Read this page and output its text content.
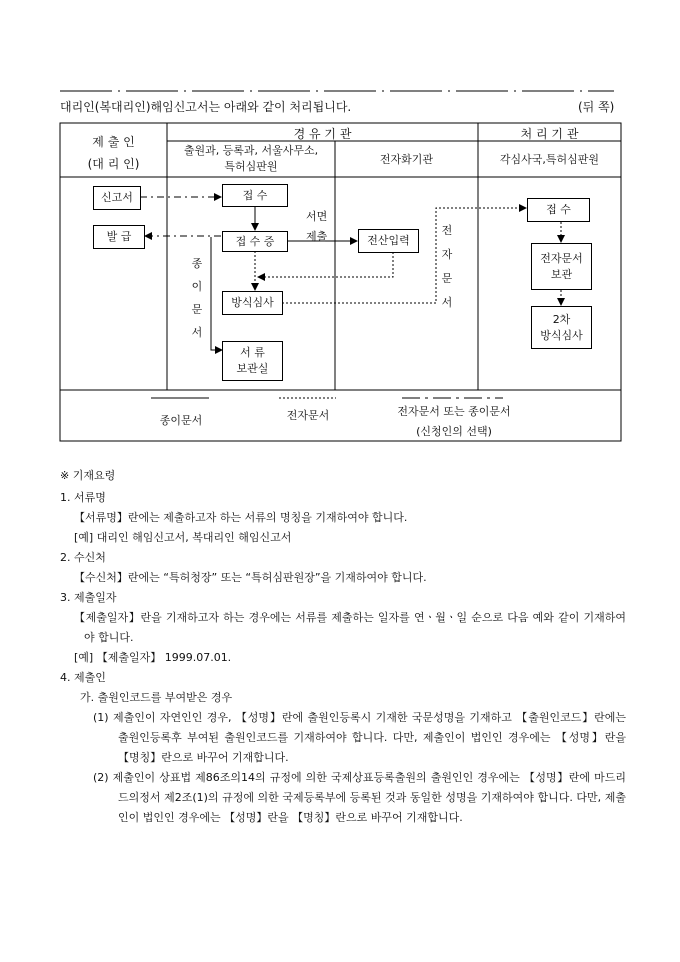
대리인(복대리인)해임신고서는 아래와 같이 처리됩니다.	(뒤 쪽)
제 출 인
(대 리 인)
경 유 기 관
출원과, 등록과, 서울사무소,
특허심판원
전자화기관
처 리 기 관
각심사국,특허심판원
신고서
발 급
접 수
접 수 증
방식심사
서 류
보관실
전산입력
접 수
전자문서
보관
2차
방식심사
서면
제출
종
이
문
서
전
자
문
서
종이문서	전자문서	전자문서 또는 종이문서
(신청인의 선택)

※ 기재요령

1. 서류명

【서류명】란에는 제출하고자 하는 서류의 명칭을 기재하여야 합니다.

[예] 대리인 해임신고서, 복대리인 해임신고서

2. 수신처

【수신처】란에는 “특허청장” 또는 “특허심판원장”을 기재하여야 합니다.

3. 제출일자

【제출일자】란을 기재하고자 하는 경우에는 서류를 제출하는 일자를 연ㆍ월ㆍ일 순으로 다음 예와 같이 기재하여야 합니다.

[예] 【제출일자】 1999.07.01.

4. 제출인

가. 출원인코드를 부여받은 경우

(1) 제출인이 자연인인 경우, 【성명】란에 출원인등록시 기재한 국문성명을 기재하고 【출원인코드】란에는 출원인등록후 부여된 출원인코드를 기재하여야 합니다. 다만, 제출인이 법인인 경우에는 【성명】란을 【명칭】란으로 바꾸어 기재합니다.

(2) 제출인이 상표법 제86조의14의 규정에 의한 국제상표등록출원의 출원인인 경우에는 【성명】란에 마드리드의정서 제2조(1)의 규정에 의한 국제등록부에 등록된 것과 동일한 성명을 기재하여야 합니다. 다만, 제출인이 법인인 경우에는 【성명】란을 【명칭】란으로 바꾸어 기재합니다.
